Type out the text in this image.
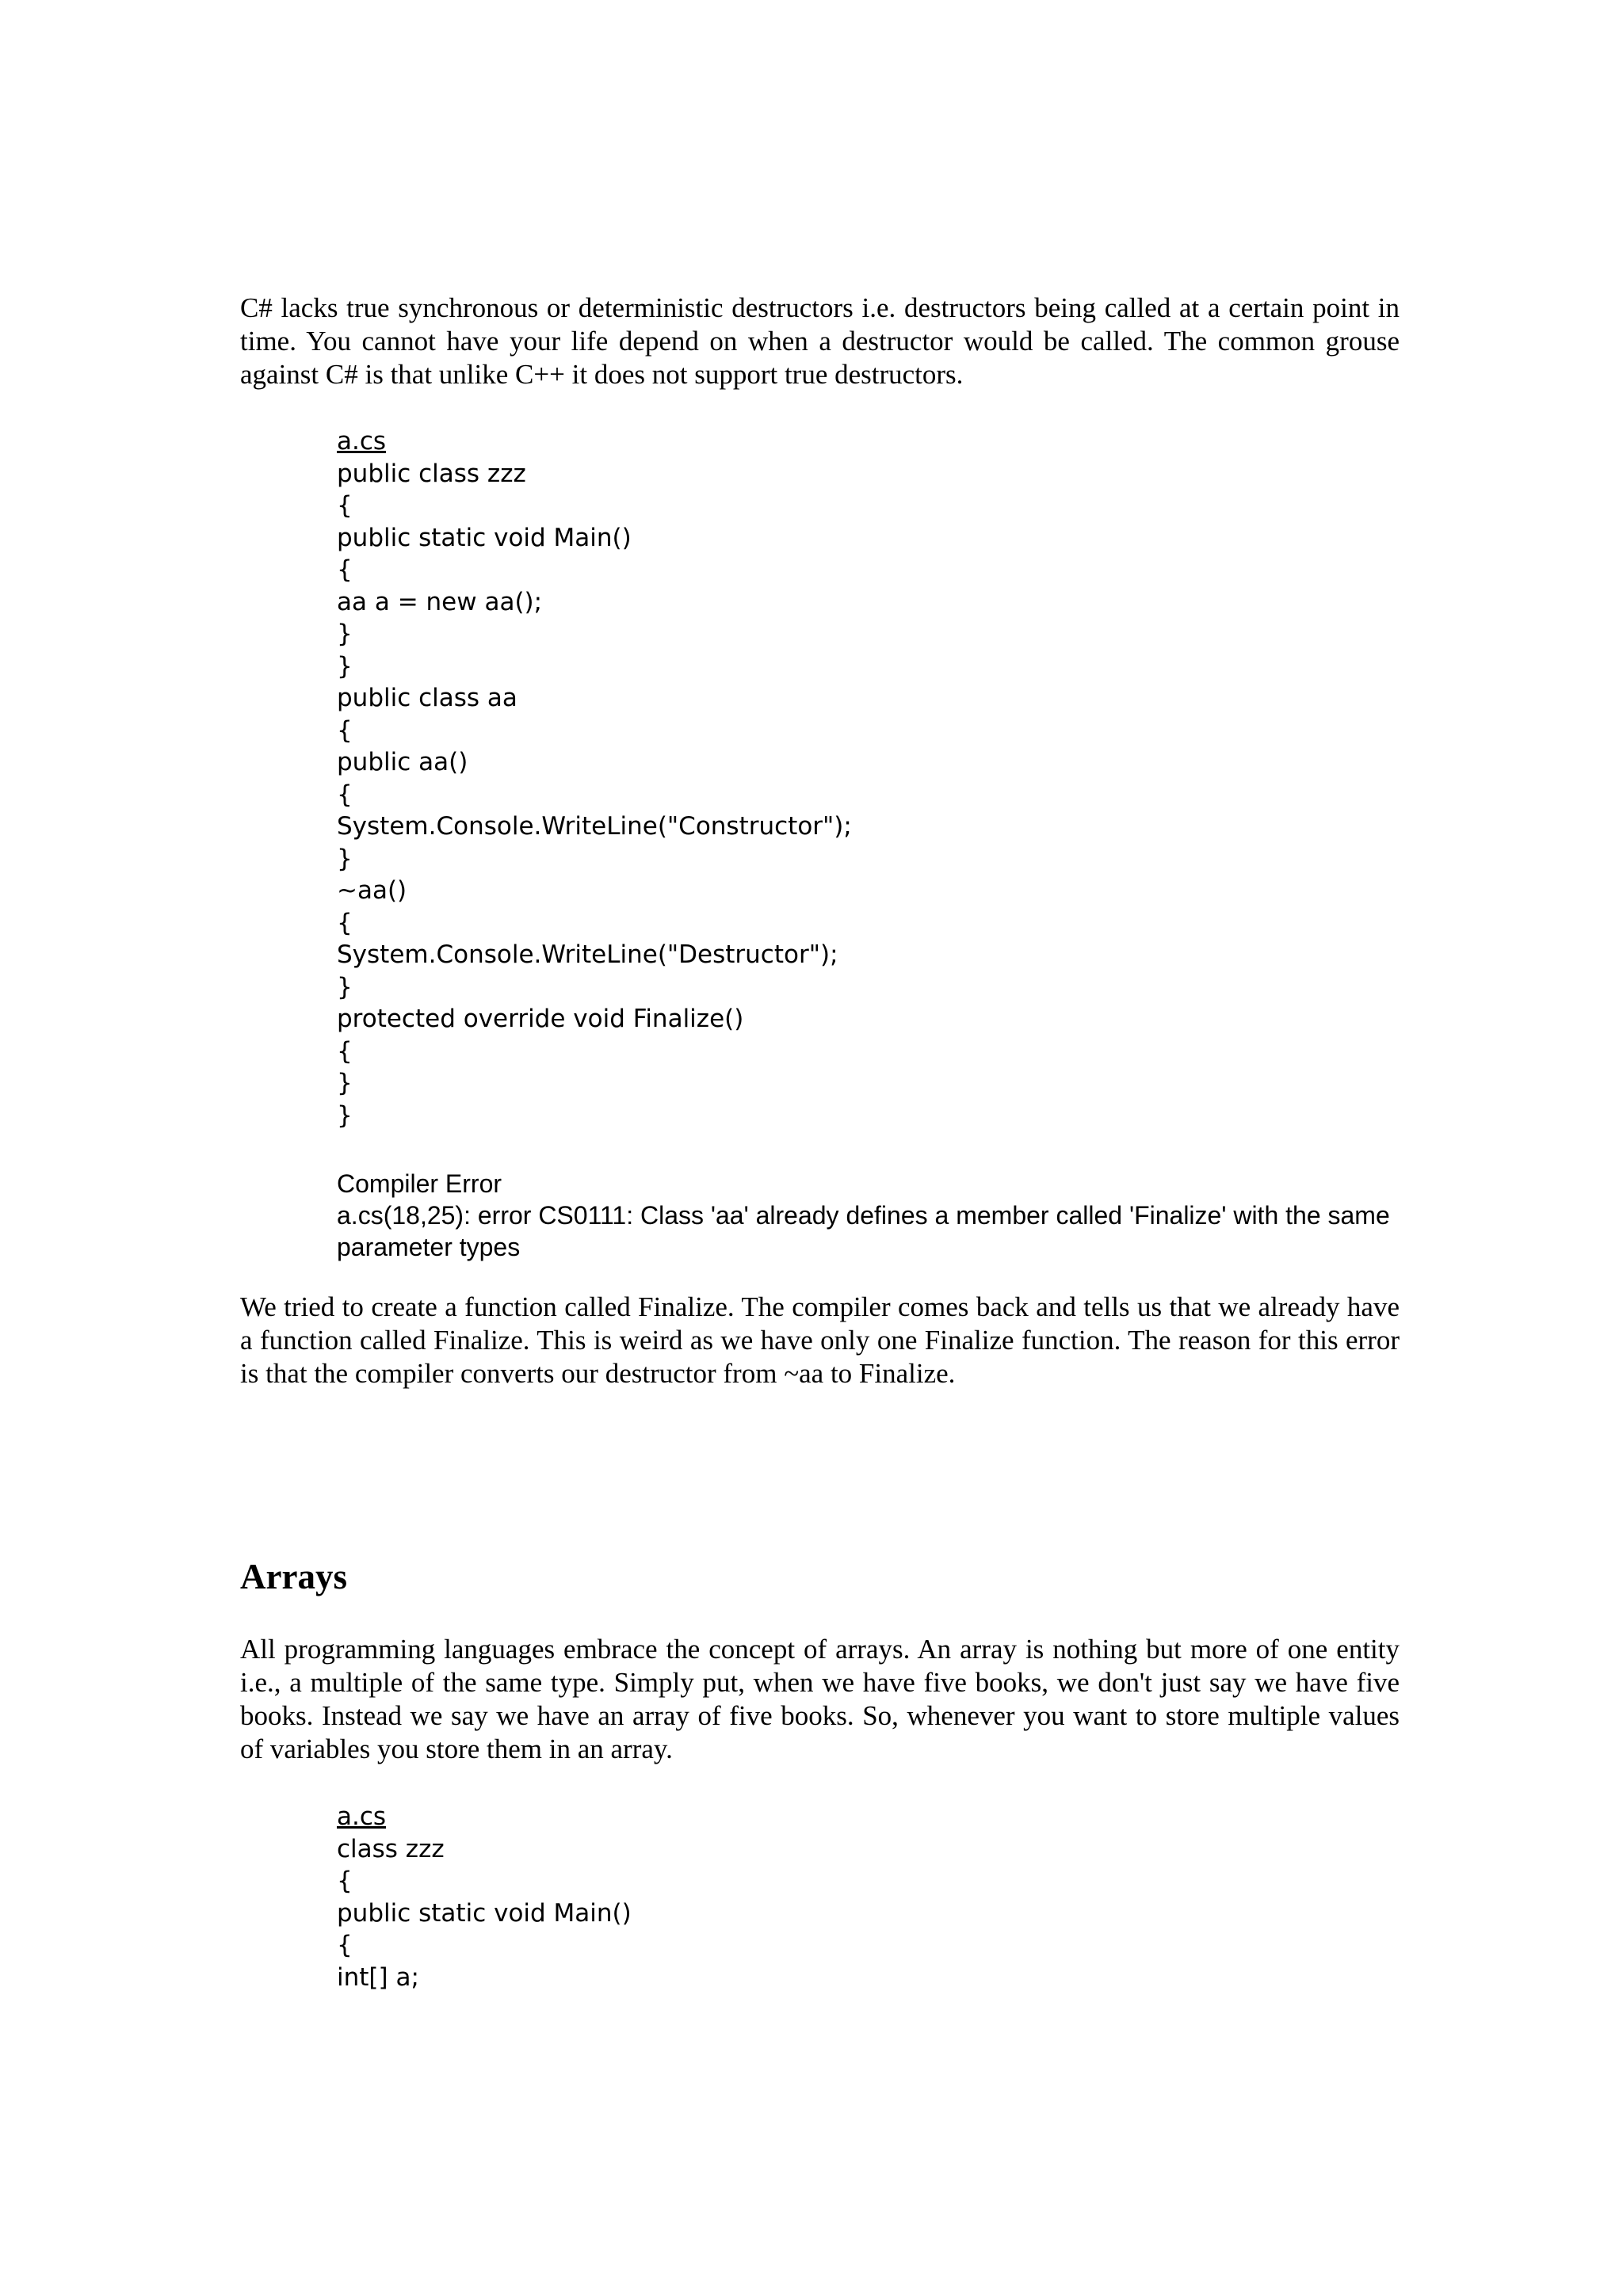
C# lacks true synchronous or deterministic destructors i.e. destructors being called at a certain point in time. You cannot have your life depend on when a destructor would be called. The common grouse against C# is that unlike C++ it does not support true destructors.

a.cs
public class zzz
{
public static void Main()
{
aa a = new aa();
}
}
public class aa
{
public aa()
{
System.Console.WriteLine("Constructor");
}
~aa()
{
System.Console.WriteLine("Destructor");
}
protected override void Finalize()
{
}
}
Compiler Error
a.cs(18,25): error CS0111: Class 'aa' already defines a member called 'Finalize' with the same parameter types

We tried to create a function called Finalize. The compiler comes back and tells us that we already have a function called Finalize. This is weird as we have only one Finalize function. The reason for this error is that the compiler converts our destructor from ~aa to Finalize.

Arrays

All programming languages embrace the concept of arrays. An array is nothing but more of one entity i.e., a multiple of the same type. Simply put, when we have five books, we don't just say we have five books. Instead we say we have an array of five books. So, whenever you want to store multiple values of variables you store them in an array.

a.cs
class zzz
{
public static void Main()
{
int[] a;
